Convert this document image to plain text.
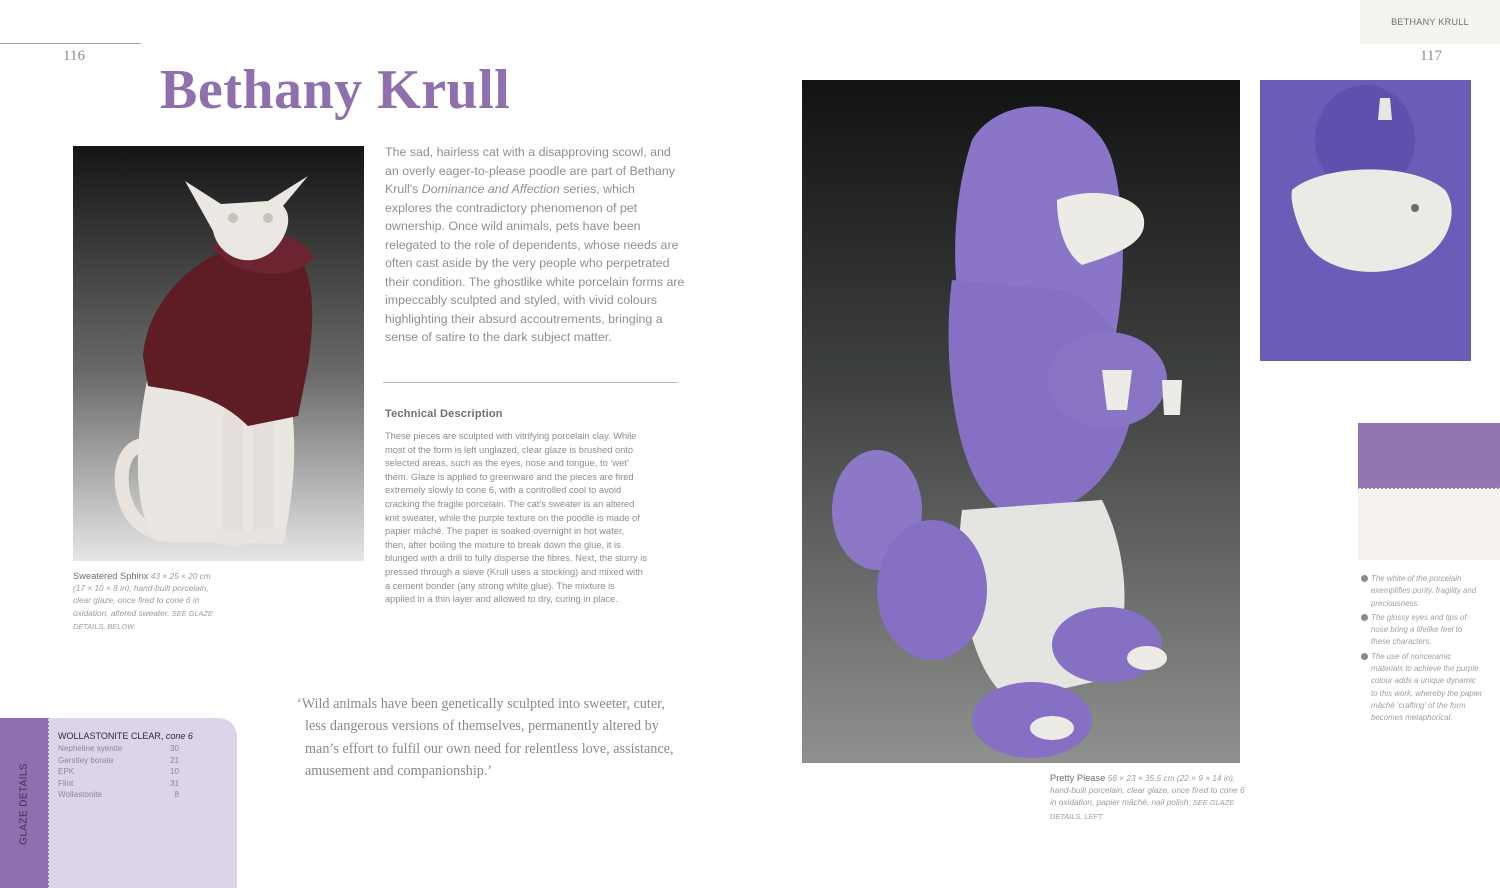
116	117
BETHANY KRULL
Bethany Krull
The sad, hairless cat with a disapproving scowl, and an overly eager-to-please poodle are part of Bethany Krull's Dominance and Affection series, which explores the contradictory phenomenon of pet ownership. Once wild animals, pets have been relegated to the role of dependents, whose needs are often cast aside by the very people who perpetrated their condition. The ghostlike white porcelain forms are impeccably sculpted and styled, with vivid colours highlighting their absurd accoutrements, bringing a sense of satire to the dark subject matter.
Technical Description

These pieces are sculpted with vitrifying porcelain clay. While most of the form is left unglazed, clear glaze is brushed onto selected areas, such as the eyes, nose and tongue, to ‘wet’ them. Glaze is applied to greenware and the pieces are fired extremely slowly to cone 6, with a controlled cool to avoid cracking the fragile porcelain. The cat’s sweater is an altered knit sweater, while the purple texture on the poodle is made of papier mâché. The paper is soaked overnight in hot water, then, after boiling the mixture to break down the glue, it is blunged with a drill to fully disperse the fibres. Next, the slurry is pressed through a sieve (Krull uses a stocking) and mixed with a cement bonder (any strong white glue). The mixture is applied in a thin layer and allowed to dry, curing in place.

Sweatered Sphinx 43 × 25 × 20 cm (17 × 10 × 8 in), hand-built porcelain, clear glaze, once fired to cone 6 in oxidation, altered sweater. SEE GLAZE DETAILS, BELOW.

‘Wild animals have been genetically sculpted into sweeter, cuter, less dangerous versions of themselves, permanently altered by man’s effort to fulfil our own need for relentless love, assistance, amusement and companionship.’

GLAZE DETAILS
WOLLASTONITE CLEAR, cone 6
Nepheline syenite	30
Gerstley borate	21
EPK	10
Flint	31
Wollastonite	8
Pretty Please 56 × 23 × 35.5 cm (22 × 9 × 14 in), hand-built porcelain, clear glaze, once fired to cone 6 in oxidation, papier mâché, nail polish. SEE GLAZE DETAILS, LEFT.
The white of the porcelain exemplifies purity, fragility and preciousness.
The glossy eyes and tips of nose bring a lifelike feel to these characters.
The use of nonceramic materials to achieve the purple colour adds a unique dynamic to this work, whereby the papier mâché ‘crafting’ of the form becomes metaphorical.
